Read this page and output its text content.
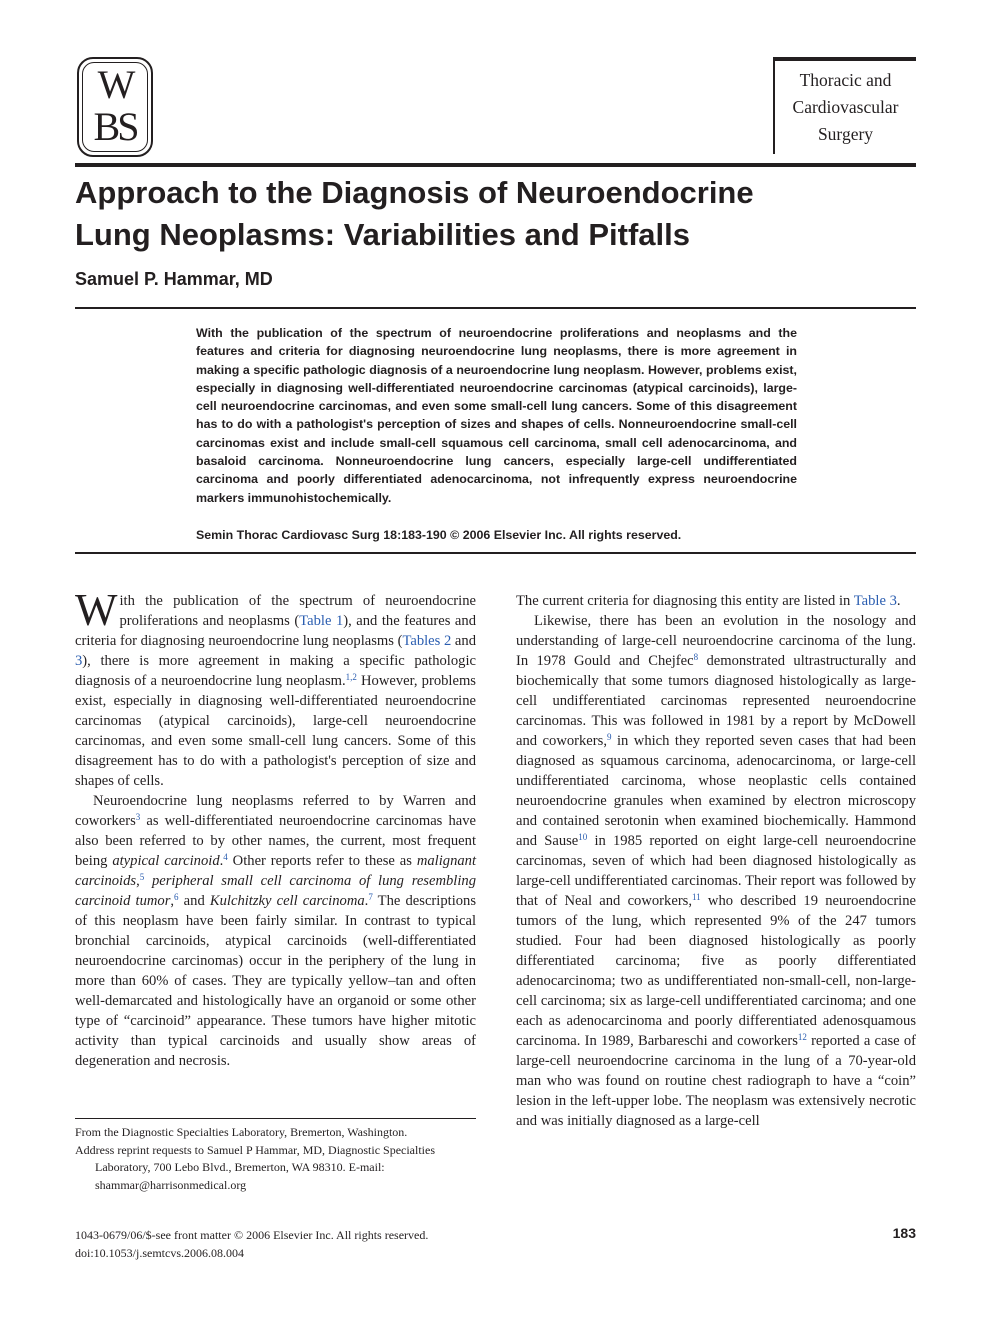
W
BS
Thoracic and
Cardiovascular
Surgery
Approach to the Diagnosis of Neuroendocrine
Lung Neoplasms: Variabilities and Pitfalls
Samuel P. Hammar, MD

With the publication of the spectrum of neuroendocrine proliferations and neoplasms and the features and criteria for diagnosing neuroendocrine lung neoplasms, there is more agreement in making a specific pathologic diagnosis of a neuroendocrine lung neoplasm. However, problems exist, especially in diagnosing well-differentiated neuroendocrine carcinomas (atypical carcinoids), large-cell neuroendocrine carcinomas, and even some small-cell lung cancers. Some of this disagreement has to do with a pathologist's perception of sizes and shapes of cells. Nonneuroendocrine small-cell carcinomas exist and include small-cell squamous cell carcinoma, small cell adenocarcinoma, and basaloid carcinoma. Nonneuroendocrine lung cancers, especially large-cell undifferentiated carcinoma and poorly differentiated adenocarcinoma, not infrequently express neuroendocrine markers immunohistochemically.

Semin Thorac Cardiovasc Surg 18:183-190 © 2006 Elsevier Inc. All rights reserved.

With the publication of the spectrum of neuroendocrine proliferations and neoplasms (Table 1), and the features and criteria for diagnosing neuroendocrine lung neoplasms (Tables 2 and 3), there is more agreement in making a specific pathologic diagnosis of a neuroendocrine lung neoplasm.$^{1,2}$ However, problems exist, especially in diagnosing well-differentiated neuroendocrine carcinomas (atypical carcinoids), large-cell neuroendocrine carcinomas, and even some small-cell lung cancers. Some of this disagreement has to do with a pathologist's perception of size and shapes of cells.

Neuroendocrine lung neoplasms referred to by Warren and coworkers$^3$ as well-differentiated neuroendocrine carcinomas have also been referred to by other names, the current, most frequent being atypical carcinoid.$^4$ Other reports refer to these as malignant carcinoids,$^5$ peripheral small cell carcinoma of lung resembling carcinoid tumor,$^6$ and Kulchitzky cell carcinoma.$^7$ The descriptions of this neoplasm have been fairly similar. In contrast to typical bronchial carcinoids, atypical carcinoids (well-differentiated neuroendocrine carcinomas) occur in the periphery of the lung in more than 60% of cases. They are typically yellow–tan and often well-demarcated and histologically have an organoid or some other type of “carcinoid” appearance. These tumors have higher mitotic activity than typical carcinoids and usually show areas of degeneration and necrosis.

The current criteria for diagnosing this entity are listed in Table 3.

Likewise, there has been an evolution in the nosology and understanding of large-cell neuroendocrine carcinoma of the lung. In 1978 Gould and Chejfec$^8$ demonstrated ultrastructurally and biochemically that some tumors diagnosed histologically as large-cell undifferentiated carcinomas represented neuroendocrine carcinomas. This was followed in 1981 by a report by McDowell and coworkers,$^9$ in which they reported seven cases that had been diagnosed as squamous carcinoma, adenocarcinoma, or large-cell undifferentiated carcinoma, whose neoplastic cells contained neuroendocrine granules when examined by electron microscopy and contained serotonin when examined biochemically. Hammond and Sause$^{10}$ in 1985 reported on eight large-cell neuroendocrine carcinomas, seven of which had been diagnosed histologically as large-cell undifferentiated carcinomas. Their report was followed by that of Neal and coworkers,$^{11}$ who described 19 neuroendocrine tumors of the lung, which represented 9% of the 247 tumors studied. Four had been diagnosed histologically as poorly differentiated carcinoma; five as poorly differentiated adenocarcinoma; two as undifferentiated non-small-cell, non-large-cell carcinoma; six as large-cell undifferentiated carcinoma; and one each as adenocarcinoma and poorly differentiated adenosquamous carcinoma. In 1989, Barbareschi and coworkers$^{12}$ reported a case of large-cell neuroendocrine carcinoma in the lung of a 70-year-old man who was found on routine chest radiograph to have a “coin” lesion in the left-upper lobe. The neoplasm was extensively necrotic and was initially diagnosed as a large-cell

From the Diagnostic Specialties Laboratory, Bremerton, Washington.

Address reprint requests to Samuel P Hammar, MD, Diagnostic Specialties Laboratory, 700 Lebo Blvd., Bremerton, WA 98310. E-mail: shammar@harrisonmedical.org

1043-0679/06/$-see front matter © 2006 Elsevier Inc. All rights reserved.
doi:10.1053/j.semtcvs.2006.08.004
183
